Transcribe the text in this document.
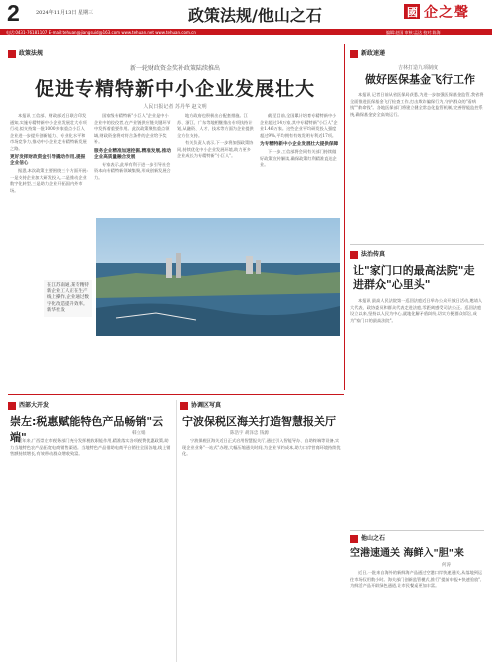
2	2024年11月13日 星期三	政策法规/他山之石	國 企之聲
电话:0431-76181107 E-mail:tehuan@jiangsuid@163.com www.tehuan.net www.tehuan.com.cn	编辑:赵国 审核:孟达 校对:陈海
政策法规
新一轮财政资金奖补政策陆续推出
促进专精特新中小企业发展壮大
人民日报记者 苏丹华 赵文明

本报讯 工信部、财政部近日联合印发通知,实施专精特新中小企业发展壮大专项行动,拟支持第一批1000多家重点小巨人企业进一步提升创新能力、专业化水平和市场竞争力,推动中小企业走专精特新发展之路。

更好发挥财政资金引导撬动作用,提振企业信心

据悉,本次政策主要围绕三个方面开展:一是支持企业加大研发投入,二是推动企业数字化转型,三是助力企业开拓国内外市场。

国家级专精特新"小巨人"企业是中小企业中的佼佼者,在产业链供应链关键环节中发挥着重要作用。此次政策聚焦重点领域,财政资金将对符合条件的企业给予奖补。

服务企业精准加速挖掘,精准发展,推动企业高质量融合发展

专家表示,此举有利于进一步引导社会资本向专精特新领域集聚,形成创新发展合力。

地方政府也积极出台配套措施。江苏、浙江、广东等地相继推出专项扶持计划,从融资、人才、技术等方面为企业提供全方位支持。

有关负责人表示,下一步将加强政策协同,持续优化中小企业发展环境,助力更多企业成长为专精特新"小巨人"。

截至目前,全国累计培育专精特新中小企业超过14万家,其中专精特新"小巨人"企业1.46万家。这些企业平均研发投入强度超过9%,平均拥有有效发明专利近17项。

为专精特新中小企业发展壮大提供保障

下一步,工信部将会同有关部门持续做好政策宣传解读,确保政策红利精准直达企业。

在江苏南通,某专精特新企业工人正在生产线上操作,企业通过数字化改造提升效率。新华社发
新政速递
吉林打造九项制度
做好医保基金飞行工作

本报讯 记者日前从省医保局获悉,为进一步加强医保基金监管,我省将全面推进医保基金飞行检查工作,打击欺诈骗保行为,守护群众的"看病钱""救命钱"。各地医保部门将建立健全常态化监管机制,完善智能监控系统,确保基金安全高效运行。

法治传真
让"家门口的最高法院"走进群众"心里头"

本报讯 最高人民法院第一巡回法庭近日举办公众开放日活动,邀请人大代表、政协委员和群众代表走进法庭,零距离感受司法公正。巡回法庭设立以来,坚持以人民为中心,就地化解矛盾纠纷,切实方便群众诉讼,成为"家门口的最高法院"。

他山之石
空港速通关 海鲜入"胆"来
何涛

近日,一批来自海外的新鲜海产品通过空港口岸快速通关,从落地到运往市场仅用数小时。海关部门创新监管模式,推行"提前申报+快速验放",为鲜活产品开辟绿色通道,让市民餐桌更加丰富。

西部大开发
崇左:税惠赋能特色产品畅销"云端"	韩立娟

近年来,广西崇左市税务部门充分发挥税收职能作用,精准落实各项税费优惠政策,助力当地特色农产品拓宽电商销售渠道。当地特色产品借助电商平台销往全国各地,线上销售额持续增长,有效带动群众增收致富。

协调区写真
宁波保税区海关打造智慧报关厅
陈浩宇 胡泽忠 钱源

宁波保税区海关近日正式启用智慧报关厅,通过引入智能导办、自助终端等设备,实现企业业务"一站式"办理,大幅压缩通关时间,为企业节约成本,助力口岸营商环境持续优化。
